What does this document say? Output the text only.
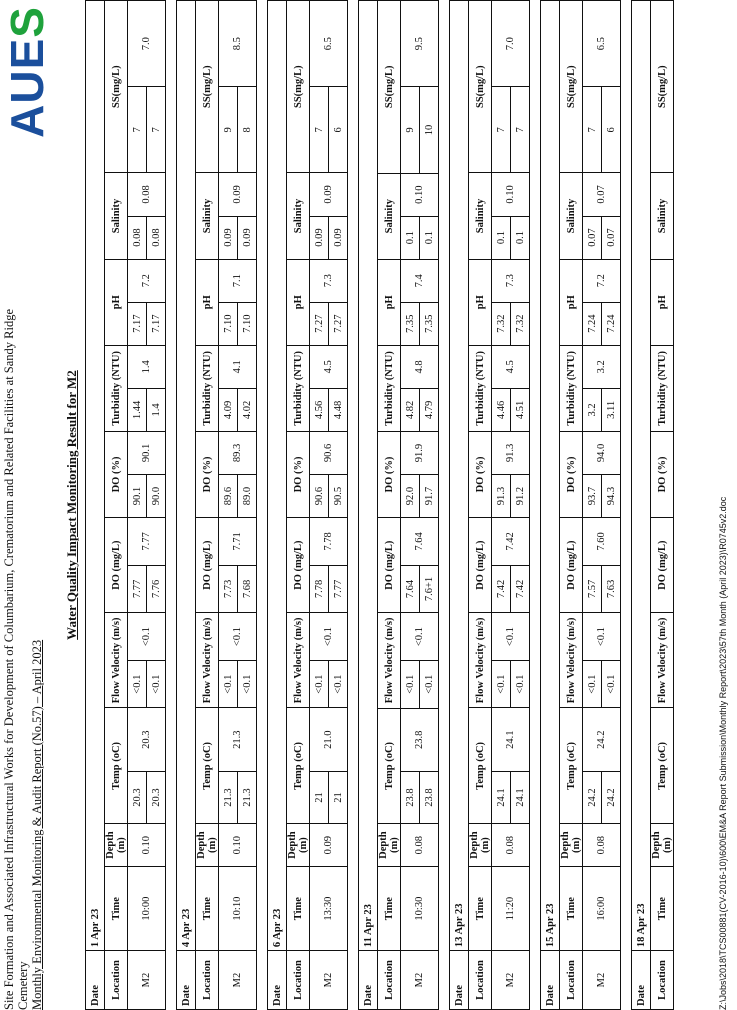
Site Formation and Associated Infrastructural Works for Development of Columbarium, Crematorium and Related Facilities at Sandy Ridge Cemetery Monthly Environmental Monitoring & Audit Report (No.57) – April 2023
AUES
Water Quality Impact Monitoring Result for M2
Date	1 Apr 23																	
Location	Time	Depth (m)	Temp (oC)		Flow Velocity (m/s)		DO (mg/L)		DO (%)		Turbidity (NTU)		pH		Salinity		SS(mg/L)	
M2	10:00	0.10	20.3	20.3	<0.1	<0.1	7.77	7.77	90.1	90.1	1.44	1.4	7.17	7.2	0.08	0.08	7	7.0
			20.3		<0.1		7.76		90.0		1.4		7.17		0.08		7	
Date	4 Apr 23																	
Location	Time	Depth (m)	Temp (oC)		Flow Velocity (m/s)		DO (mg/L)		DO (%)		Turbidity (NTU)		pH		Salinity		SS(mg/L)	
M2	10:10	0.10	21.3	21.3	<0.1	<0.1	7.73	7.71	89.6	89.3	4.09	4.1	7.10	7.1	0.09	0.09	9	8.5
			21.3		<0.1		7.68		89.0		4.02		7.10		0.09		8	
Date	6 Apr 23																	
Location	Time	Depth (m)	Temp (oC)		Flow Velocity (m/s)		DO (mg/L)		DO (%)		Turbidity (NTU)		pH		Salinity		SS(mg/L)	
M2	13:30	0.09	21	21.0	<0.1	<0.1	7.78	7.78	90.6	90.6	4.56	4.5	7.27	7.3	0.09	0.09	7	6.5
			21		<0.1		7.77		90.5		4.48		7.27		0.09		6	
Date	11 Apr 23																	
Location	Time	Depth (m)	Temp (oC)		Flow Velocity (m/s)		DO (mg/L)		DO (%)		Turbidity (NTU)		pH		Salinity		SS(mg/L)	
M2	10:30	0.08	23.8	23.8	<0.1	<0.1	7.64	7.64	92.0	91.9	4.82	4.8	7.35	7.4	0.1	0.10	9	9.5
			23.8		<0.1		7.6+1		91.7		4.79		7.35		0.1		10	
Date	13 Apr 23																	
Location	Time	Depth (m)	Temp (oC)		Flow Velocity (m/s)		DO (mg/L)		DO (%)		Turbidity (NTU)		pH		Salinity		SS(mg/L)	
M2	11:20	0.08	24.1	24.1	<0.1	<0.1	7.42	7.42	91.3	91.3	4.46	4.5	7.32	7.3	0.1	0.10	7	7.0
			24.1		<0.1		7.42		91.2		4.51		7.32		0.1		7	
Date	15 Apr 23																	
Location	Time	Depth (m)	Temp (oC)		Flow Velocity (m/s)		DO (mg/L)		DO (%)		Turbidity (NTU)		pH		Salinity		SS(mg/L)	
M2	16:00	0.08	24.2	24.2	<0.1	<0.1	7.57	7.60	93.7	94.0	3.2	3.2	7.24	7.2	0.07	0.07	7	6.5
			24.2		<0.1		7.63		94.3		3.11		7.24		0.07		6	
Date	18 Apr 23									
Location	Time	Depth (m)	Temp (oC)	Flow Velocity (m/s)	DO (mg/L)	DO (%)	Turbidity (NTU)	pH	Salinity	SS(mg/L)
Z:\Jobs\2018\TCS00881(CV-2016-10)\600\EM&A Report Submission\Monthly Report\2023\57th Month (April 2023)\R0745v2.doc
